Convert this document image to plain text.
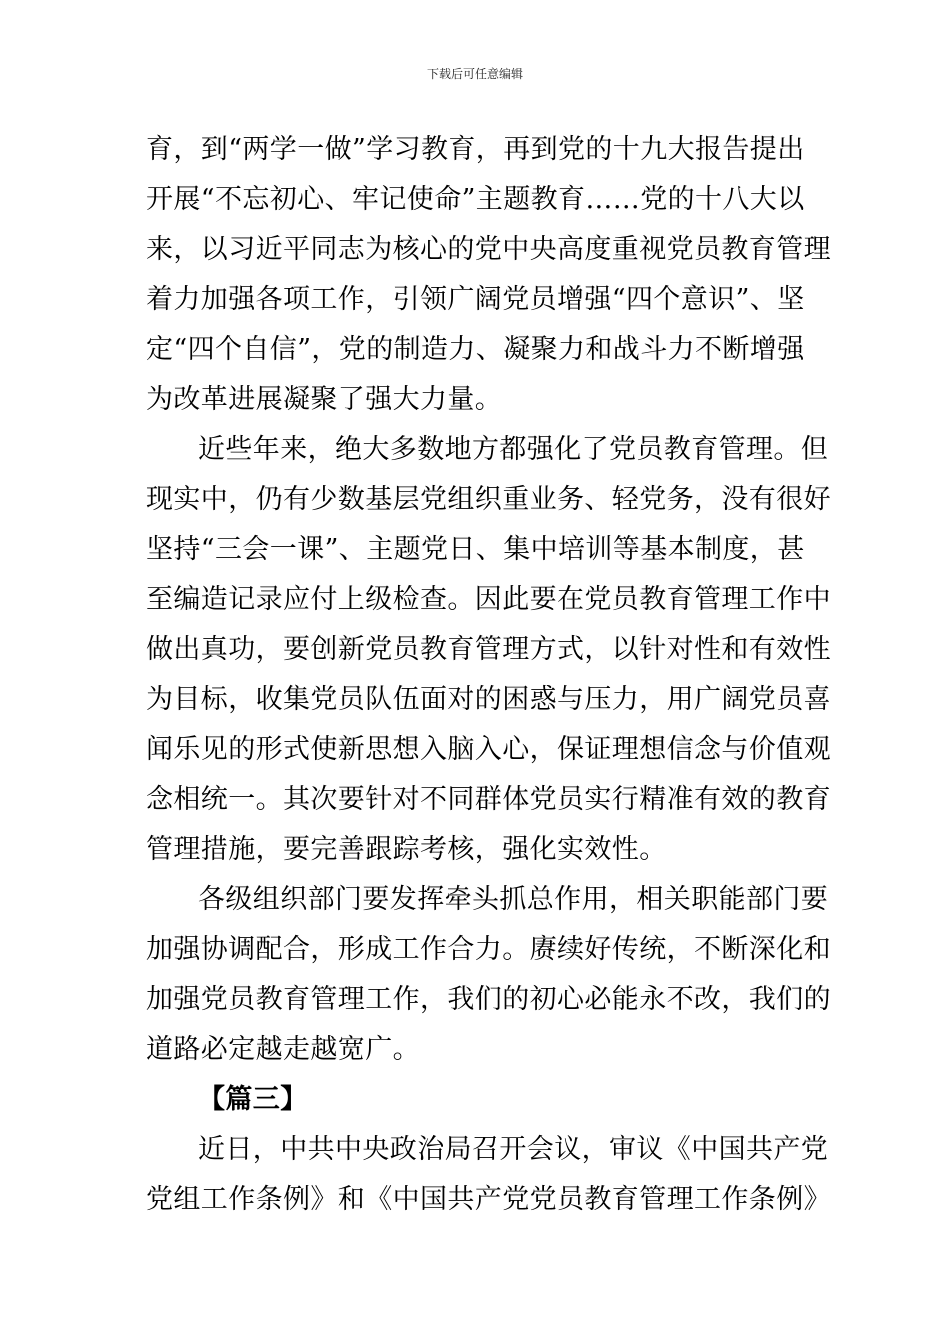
下载后可任意编辑
育，到“两学一做”学习教育，再到党的十九大报告提出
开展“不忘初心、牢记使命”主题教育……党的十八大以
来，以习近平同志为核心的党中央高度重视党员教育管理
着力加强各项工作，引领广阔党员增强“四个意识”、坚
定“四个自信”，党的制造力、凝聚力和战斗力不断增强
为改革进展凝聚了强大力量。
近些年来，绝大多数地方都强化了党员教育管理。但
现实中，仍有少数基层党组织重业务、轻党务，没有很好
坚持“三会一课”、主题党日、集中培训等基本制度，甚
至编造记录应付上级检查。因此要在党员教育管理工作中
做出真功，要创新党员教育管理方式，以针对性和有效性
为目标，收集党员队伍面对的困惑与压力，用广阔党员喜
闻乐见的形式使新思想入脑入心，保证理想信念与价值观
念相统一。其次要针对不同群体党员实行精准有效的教育
管理措施，要完善跟踪考核，强化实效性。
各级组织部门要发挥牵头抓总作用，相关职能部门要
加强协调配合，形成工作合力。赓续好传统，不断深化和
加强党员教育管理工作，我们的初心必能永不改，我们的
道路必定越走越宽广。
【篇三】
近日，中共中央政治局召开会议，审议《中国共产党
党组工作条例》和《中国共产党党员教育管理工作条例》
